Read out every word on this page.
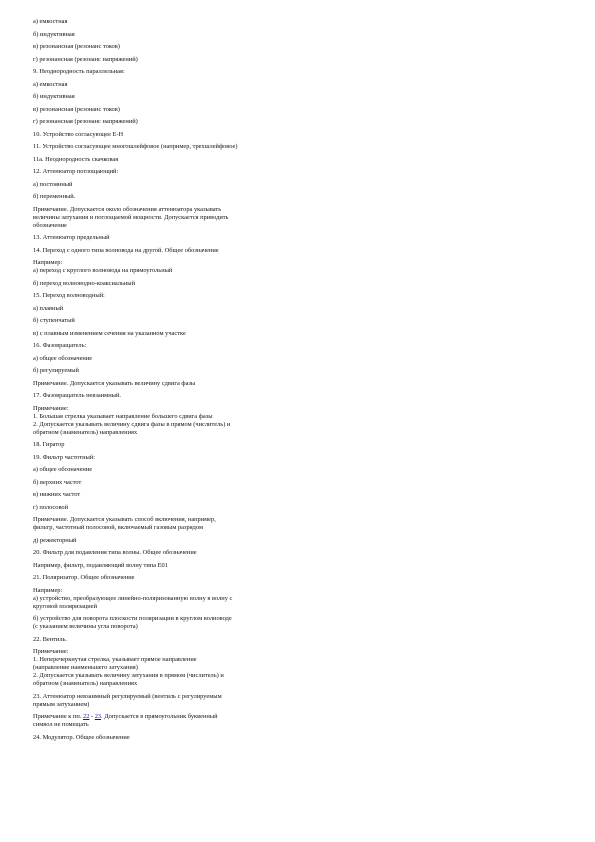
а) емкостная
б) индуктивная
в) резонансная (резонанс токов)
г) резонансная (резонанс напряжений)
9. Неоднородность параллельная:
а) емкостная
б) индуктивная
в) резонансная (резонанс токов)
г) резонансная (резонанс напряжений)
10. Устройство согласующее E-H
11. Устройство согласующее многошлейфовое (например, трехшлейфовое)
11а. Неоднородность скачковая
12. Аттенюатор поглощающий:
а) постоянный
б) переменный.
Примечание. Допускается около обозначения аттенюатора указывать
величины затухания и поглощаемой мощности. Допускается приводить
обозначение
13. Аттенюатор предельный
14. Переход с одного типа волновода на другой. Общее обозначение
Например:
а) переход с круглого волновода на прямоугольный
б) переход волноводно-коаксиальный
15. Переход волноводный:
а) плавный
б) ступенчатый
в) с плавным изменением сечения на указанном участке
16. Фазовращатель:
а) общее обозначение
б) регулируемый
Примечание. Допускается указывать величину сдвига фазы
17. Фазовращатель невзаимный.
Примечание:
1. Большая стрелка указывает направление большего сдвига фазы
2. Допускается указывать величину сдвига фазы в прямом (числитель) и
обратном (знаменатель) направлениях
18. Гиратор
19. Фильтр частотный:
а) общее обозначение
б) верхних частот
в) нижних частот
г) полосовой
Примечание. Допускается указывать способ включения, например,
фильтр, частотный полосовой, включаемый газовым разрядом
д) режекторный
20. Фильтр для подавления типа волны. Общее обозначение
Например, фильтр, подавляющий волну типа E01
21. Поляризатор. Общее обозначение
Например:
а) устройство, преобразующее линейно-поляризованную волну в волну с
круговой поляризацией
б) устройство для поворота плоскости поляризации в круглом волноводе
(с указанием величины угла поворота)
22. Вентиль.
Примечание:
1. Неперечеркнутая стрелка, указывает прямое направление
(направление наименьшего затухания)
2. Допускается указывать величину затухания в прямом (числитель) и
обратном (знаменатель) направлениях
23. Аттенюатор невзаимный регулируемый (вентиль с регулируемым
прямым затуханием)
Примечание к пп. 22 - 23. Допускается в прямоугольник буквенный
символ не помещать
24. Модулятор. Общее обозначение
